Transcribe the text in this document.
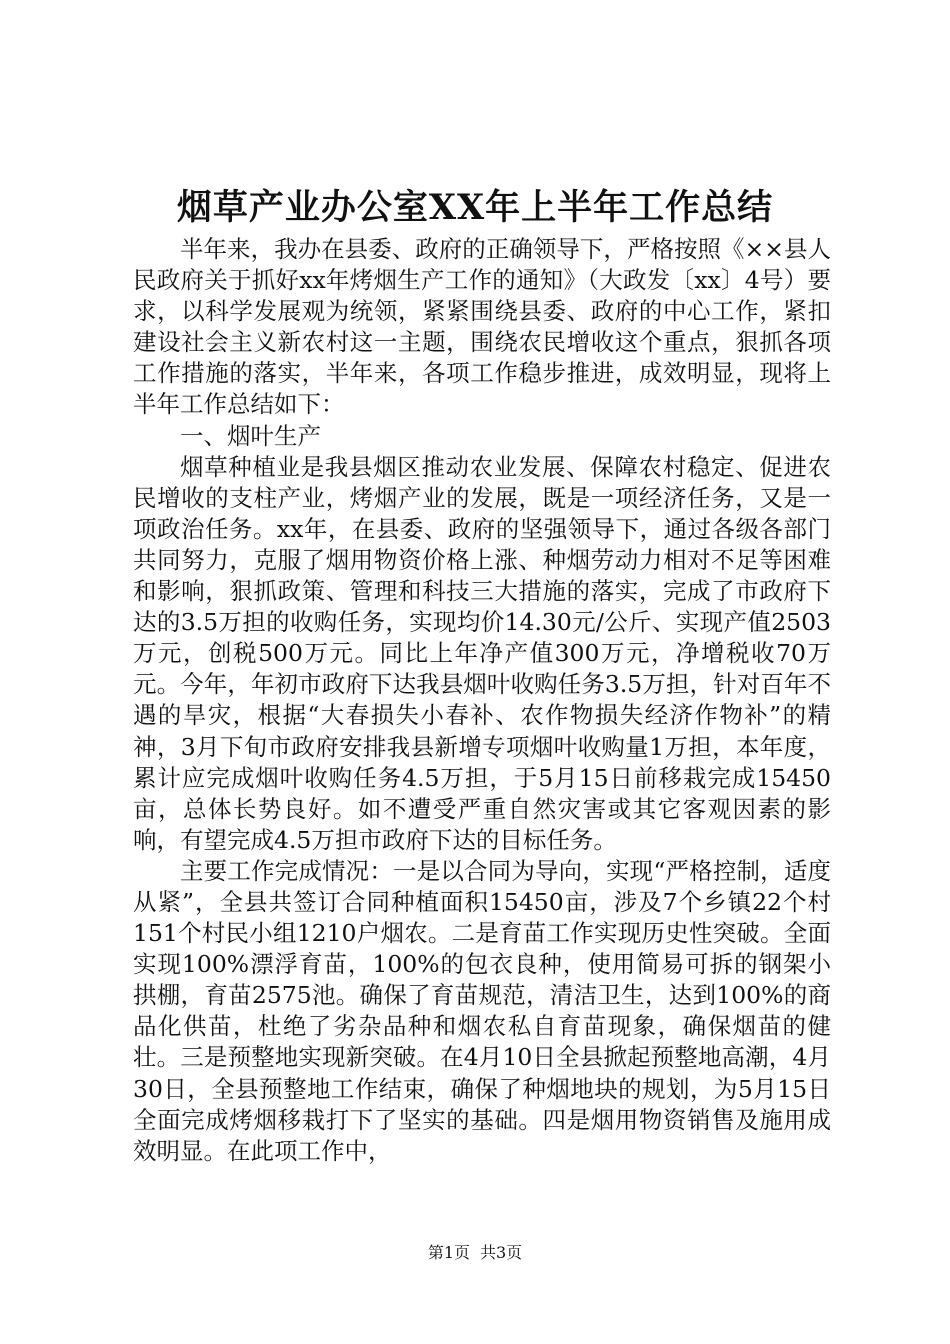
烟草产业办公室XX年上半年工作总结

半年来，我办在县委、政府的正确领导下，严格按照《××县人民政府关于抓好xx年烤烟生产工作的通知》（大政发〔xx〕4号）要求，以科学发展观为统领，紧紧围绕县委、政府的中心工作，紧扣建设社会主义新农村这一主题，围绕农民增收这个重点，狠抓各项工作措施的落实，半年来，各项工作稳步推进，成效明显，现将上半年工作总结如下：

一、烟叶生产

烟草种植业是我县烟区推动农业发展、保障农村稳定、促进农民增收的支柱产业，烤烟产业的发展，既是一项经济任务，又是一项政治任务。xx年，在县委、政府的坚强领导下，通过各级各部门共同努力，克服了烟用物资价格上涨、种烟劳动力相对不足等困难和影响，狠抓政策、管理和科技三大措施的落实，完成了市政府下达的3.5万担的收购任务，实现均价14.30元/公斤、实现产值2503万元，创税500万元。同比上年净产值300万元，净增税收70万元。今年，年初市政府下达我县烟叶收购任务3.5万担，针对百年不遇的旱灾，根据“大春损失小春补、农作物损失经济作物补”的精神，3月下旬市政府安排我县新增专项烟叶收购量1万担，本年度，累计应完成烟叶收购任务4.5万担，于5月15日前移栽完成15450亩，总体长势良好。如不遭受严重自然灾害或其它客观因素的影响，有望完成4.5万担市政府下达的目标任务。

主要工作完成情况：一是以合同为导向，实现“严格控制，适度从紧”，全县共签订合同种植面积15450亩，涉及7个乡镇22个村151个村民小组1210户烟农。二是育苗工作实现历史性突破。全面实现100%漂浮育苗，100%的包衣良种，使用简易可拆的钢架小拱棚，育苗2575池。确保了育苗规范，清洁卫生，达到100%的商品化供苗，杜绝了劣杂品种和烟农私自育苗现象，确保烟苗的健壮。三是预整地实现新突破。在4月10日全县掀起预整地高潮，4月30日，全县预整地工作结束，确保了种烟地块的规划，为5月15日全面完成烤烟移栽打下了坚实的基础。四是烟用物资销售及施用成效明显。在此项工作中，

第1页 共3页
